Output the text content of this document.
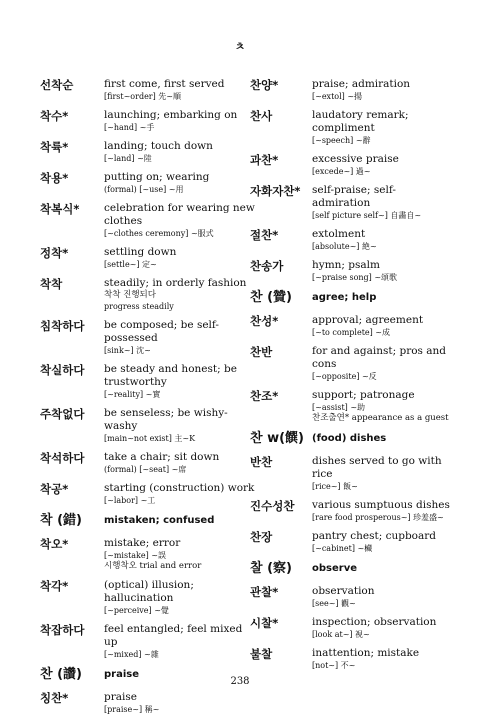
ㅊ
선착순	first come, first served
[first~order] 先~順
착수*	launching; embarking on
[~hand] ~手
착륙*	landing; touch down
[~land] ~陸
착용*	putting on; wearing
(formal) [~use] ~用
착복식*	celebration for wearing new clothes
[~clothes ceremony] ~服式
정착*	settling down
[settle~] 定~
착착	steadily; in orderly fashion
착착 진행되다
progress steadily
침착하다	be composed; be self-possessed
[sink~] 沈~
착실하다	be steady and honest; be trustworthy
[~reality] ~實
주착없다	be senseless; be wishy-washy
[main~not exist] 主~K
착석하다	take a chair; sit down
(formal) [~seat] ~席
착공*	starting (construction) work
[~labor] ~工
착 (錯)	mistaken; confused
착오*	mistake; error
[~mistake] ~誤
시행착오 trial and error
착각*	(optical) illusion; hallucination
[~perceive] ~覺
착잡하다	feel entangled; feel mixed up
[~mixed] ~雜
찬 (讚)	praise
칭찬*	praise
[praise~] 稱~
찬양*	praise; admiration
[~extol] ~揚
찬사	laudatory remark; compliment
[~speech] ~辭
과찬*	excessive praise
[excede~] 過~
자화자찬*	self-praise; self-admiration
[self picture self~] 自畵自~
절찬*	extolment
[absolute~] 絶~
찬송가	hymn; psalm
[~praise song] ~頌歌
찬 (贊)	agree; help
찬성*	approval; agreement
[~to complete] ~成
찬반	for and against; pros and cons
[~opposite] ~反
찬조*	support; patronage
[~assist] ~助
찬조출연* appearance as a guest
찬 w(饌) (food) dishes
반찬	dishes served to go with rice
[rice~] 飯~
진수성찬	various sumptuous dishes
[rare food prosperous~] 珍羞盛~
찬장	pantry chest; cupboard
[~cabinet] ~欌
찰 (察)	observe
관찰*	observation
[see~] 觀~
시찰*	inspection; observation
[look at~] 視~
불찰	inattention; mistake
[not~] 不~
238
